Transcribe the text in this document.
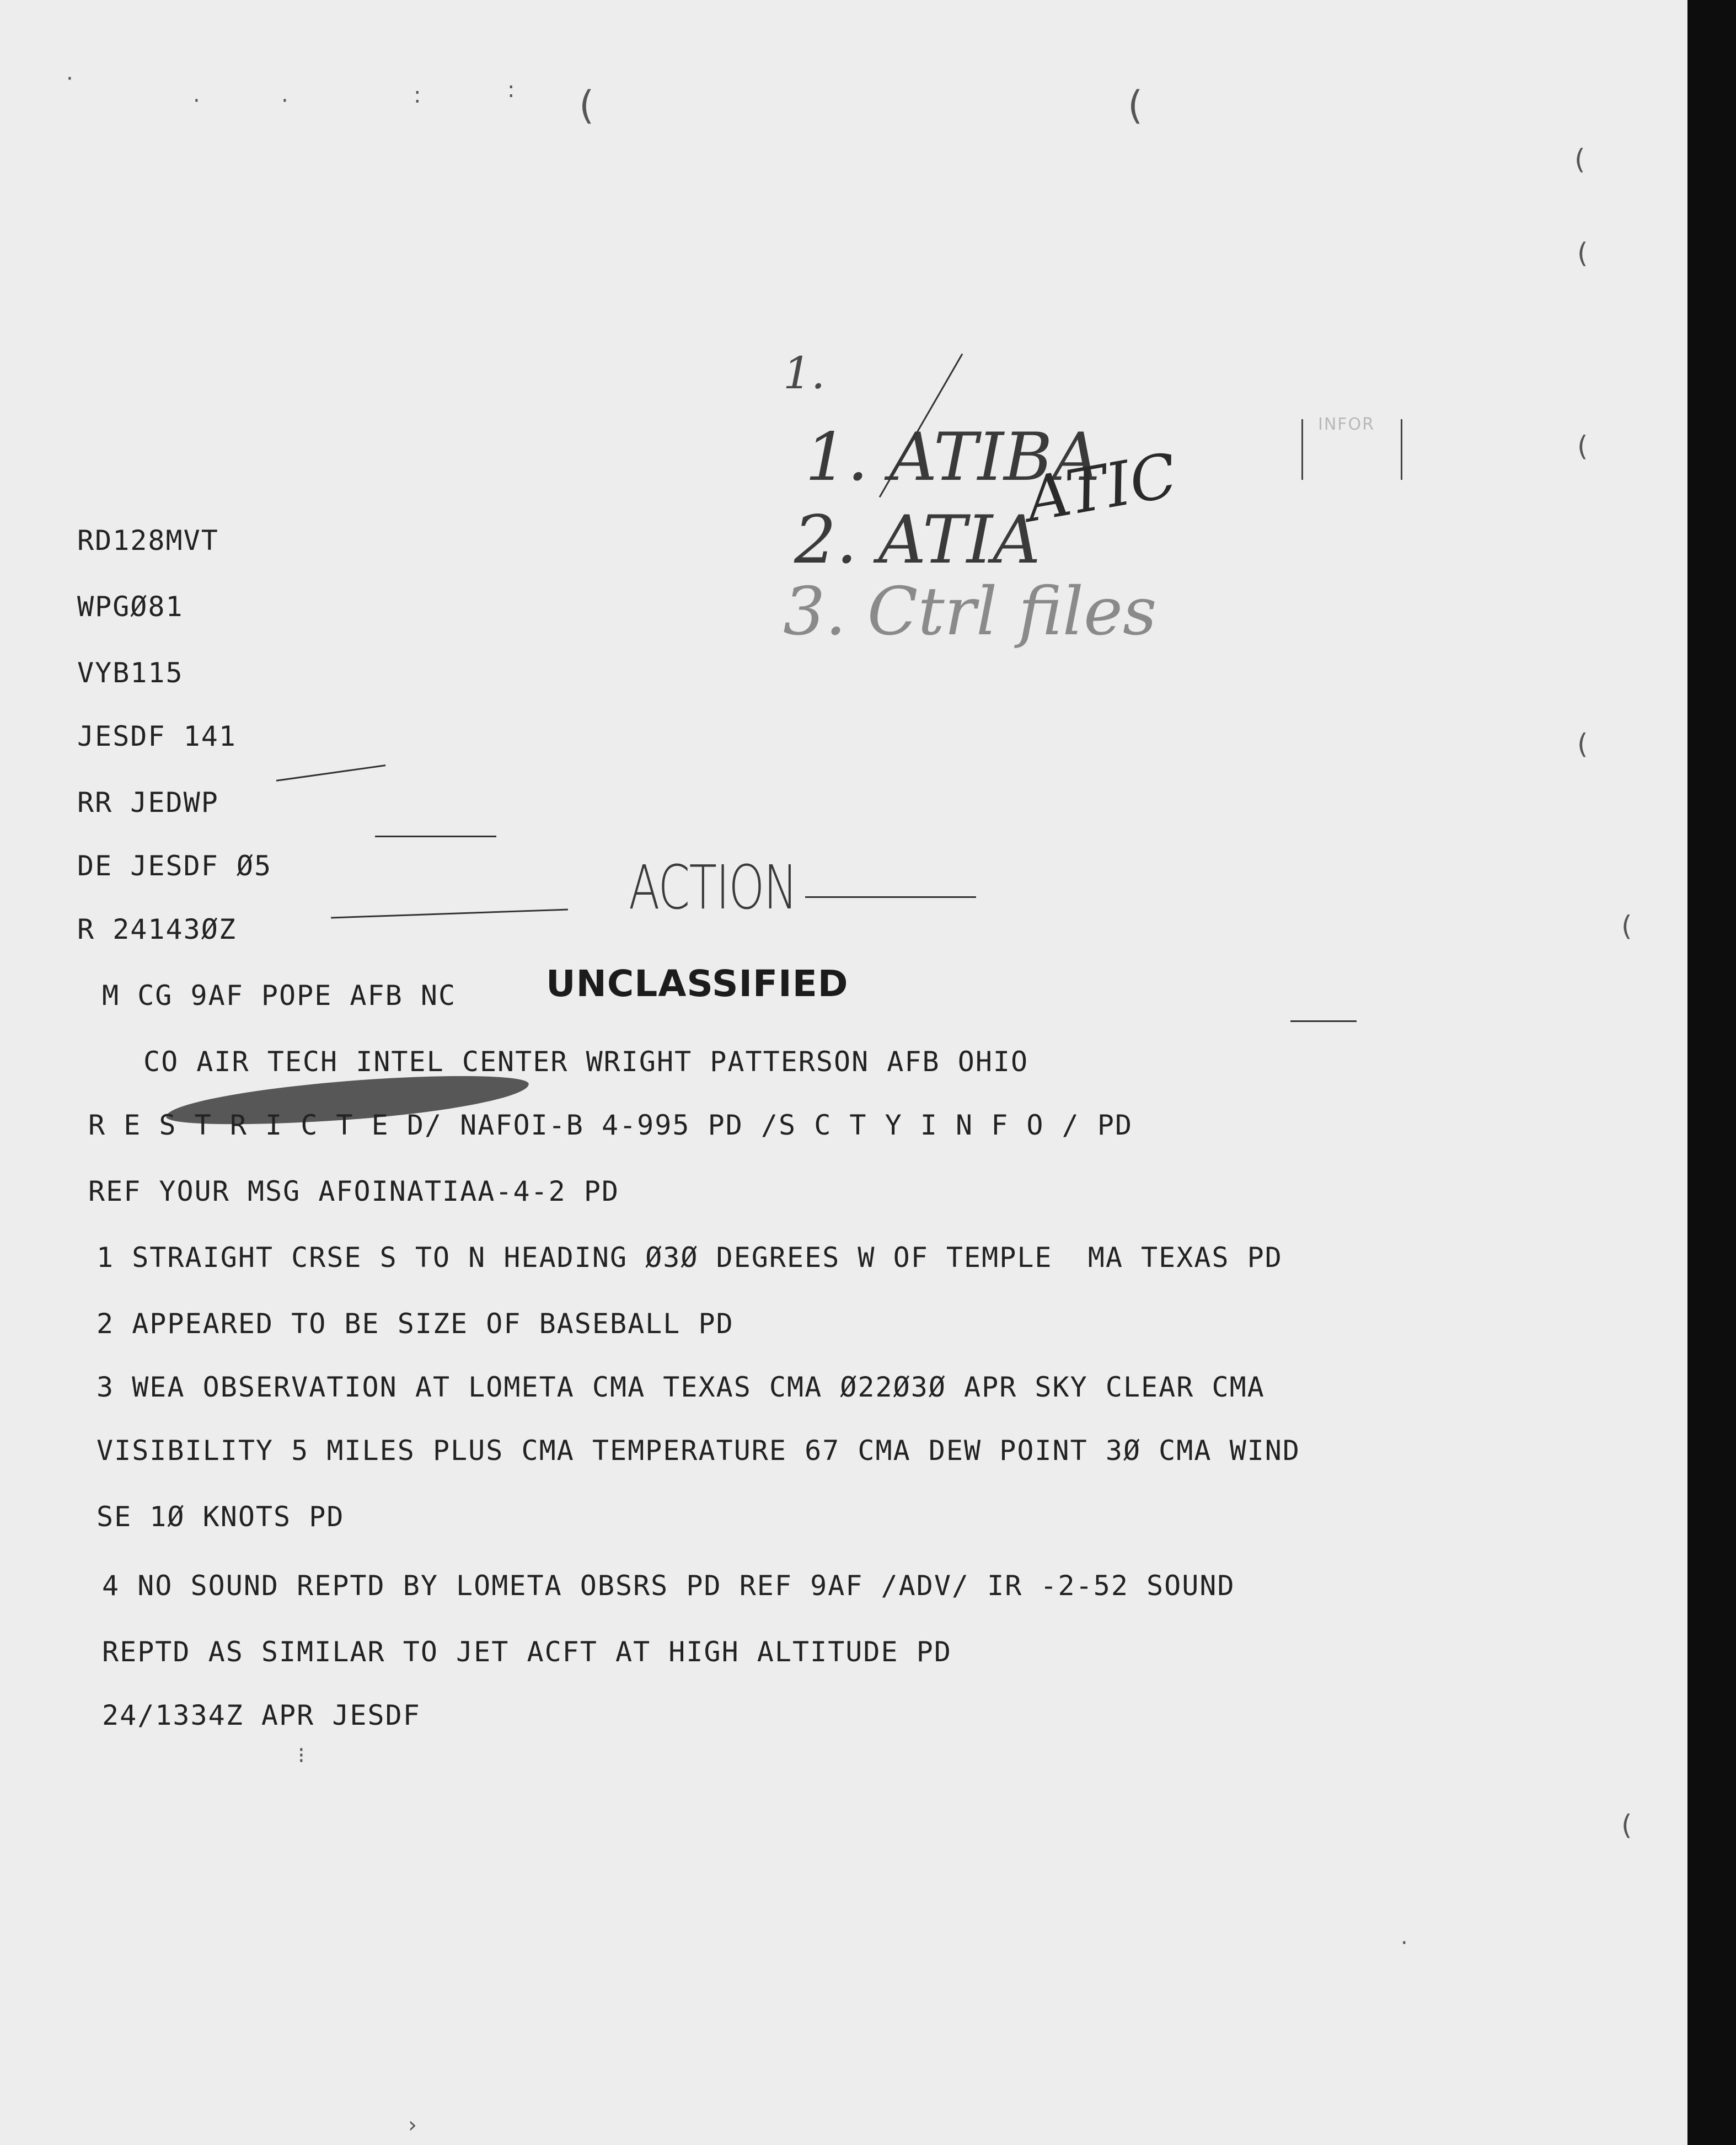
·
·	·	:	: (	(
(
(
(
(
(
(
1.
1. ATIBA
2. ATIA
ATIC
3. Ctrl files
INFOR
RD128MVT
WPGØ81
VYB115
JESDF 141
RR JEDWP
DE JESDF Ø5
R 24143ØZ
ACTION
UNCLASSIFIED
M CG 9AF POPE AFB NC
CO AIR TECH INTEL CENTER WRIGHT PATTERSON AFB OHIO
R E S T R I C T E D/ NAFOI-B 4-995 PD /S C T Y I N F O / PD
REF YOUR MSG AFOINATIAA-4-2 PD
1 STRAIGHT CRSE S TO N HEADING Ø3Ø DEGREES W OF TEMPLE  MA TEXAS PD
2 APPEARED TO BE SIZE OF BASEBALL PD
3 WEA OBSERVATION AT LOMETA CMA TEXAS CMA Ø22Ø3Ø APR SKY CLEAR CMA
VISIBILITY 5 MILES PLUS CMA TEMPERATURE 67 CMA DEW POINT 3Ø CMA WIND
SE 1Ø KNOTS PD
4 NO SOUND REPTD BY LOMETA OBSRS PD REF 9AF /ADV/ IR -2-52 SOUND
REPTD AS SIMILAR TO JET ACFT AT HIGH ALTITUDE PD
24/1334Z APR JESDF
⁝
·
›
